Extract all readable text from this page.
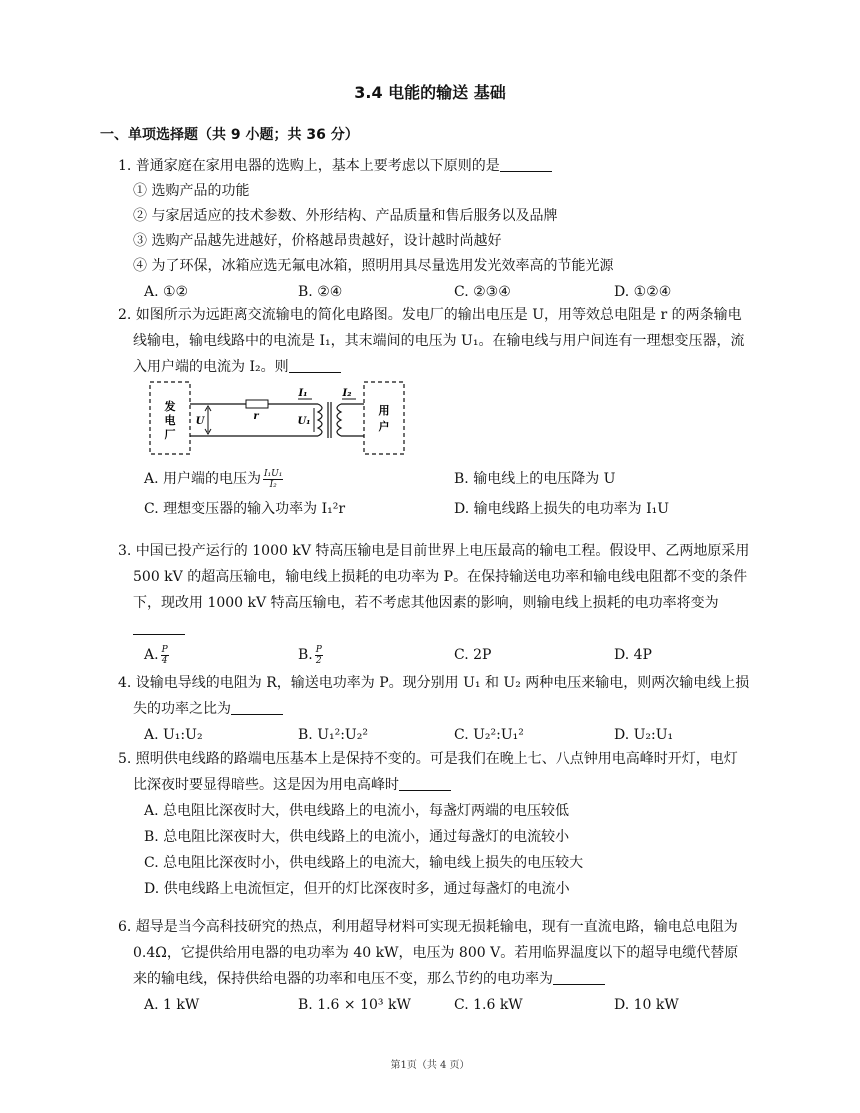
3.4 电能的输送 基础
一、单项选择题（共 9 小题；共 36 分）
1. 普通家庭在家用电器的选购上，基本上要考虑以下原则的是
① 选购产品的功能
② 与家居适应的技术参数、外形结构、产品质量和售后服务以及品牌
③ 选购产品越先进越好，价格越昂贵越好，设计越时尚越好
④ 为了环保，冰箱应选无氟电冰箱，照明用具尽量选用发光效率高的节能光源
A. ①②	B. ②④	C. ②③④	D. ①②④
2. 如图所示为远距离交流输电的简化电路图。发电厂的输出电压是 U，用等效总电阻是 r 的两条输电线输电，输电线路中的电流是 I₁，其末端间的电压为 U₁。在输电线与用户间连有一理想变压器，流入用户端的电流为 I₂。则
发
电
厂
r
U
I₁
U₁
I₂
用
户
A. 用户端的电压为 $\frac{\text{I₁U₁}}{\text{I₂}}$	B. 输电线上的电压降为 U
C. 理想变压器的输入功率为 I₁²r	D. 输电线路上损失的电功率为 I₁U
3. 中国已投产运行的 1000 kV 特高压输电是目前世界上电压最高的输电工程。假设甲、乙两地原采用 500 kV 的超高压输电，输电线上损耗的电功率为 P。在保持输送电功率和输电线电阻都不变的条件下，现改用 1000 kV 特高压输电，若不考虑其他因素的影响，则输电线上损耗的电功率将变为
A. $\frac{P}{4}$	B. $\frac{P}{2}$	C. 2P	D. 4P
4. 设输电导线的电阻为 R，输送电功率为 P。现分别用 U₁ 和 U₂ 两种电压来输电，则两次输电线上损失的功率之比为
A. U₁:U₂	B. U₁²:U₂²	C. U₂²:U₁²	D. U₂:U₁
5. 照明供电线路的路端电压基本上是保持不变的。可是我们在晚上七、八点钟用电高峰时开灯，电灯比深夜时要显得暗些。这是因为用电高峰时
A. 总电阻比深夜时大，供电线路上的电流小，每盏灯两端的电压较低
B. 总电阻比深夜时大，供电线路上的电流小，通过每盏灯的电流较小
C. 总电阻比深夜时小，供电线路上的电流大，输电线上损失的电压较大
D. 供电线路上电流恒定，但开的灯比深夜时多，通过每盏灯的电流小
6. 超导是当今高科技研究的热点，利用超导材料可实现无损耗输电，现有一直流电路，输电总电阻为 0.4Ω，它提供给用电器的电功率为 40 kW，电压为 800 V。若用临界温度以下的超导电缆代替原来的输电线，保持供给电器的功率和电压不变，那么节约的电功率为
A. 1 kW	B. 1.6 × 10³ kW	C. 1.6 kW	D. 10 kW
第1页（共 4 页）
